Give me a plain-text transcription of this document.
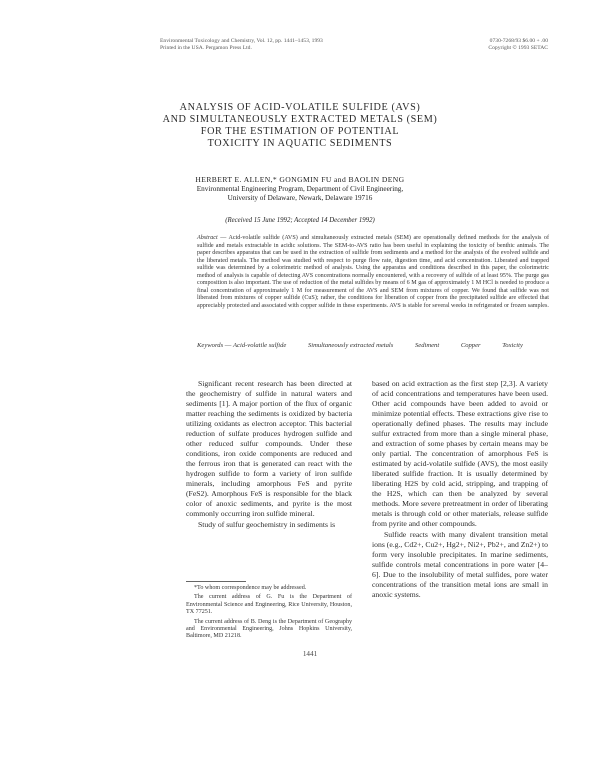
Environmental Toxicology and Chemistry, Vol. 12, pp. 1441–1453, 1993
Printed in the USA. Pergamon Press Ltd.
0730-7268/93 $6.00 + .00
Copyright © 1993 SETAC
ANALYSIS OF ACID-VOLATILE SULFIDE (AVS)
AND SIMULTANEOUSLY EXTRACTED METALS (SEM)
FOR THE ESTIMATION OF POTENTIAL
TOXICITY IN AQUATIC SEDIMENTS
HERBERT E. ALLEN,* GONGMIN FU and BAOLIN DENG
Environmental Engineering Program, Department of Civil Engineering,
University of Delaware, Newark, Delaware 19716
(Received 15 June 1992; Accepted 14 December 1992)
Abstract — Acid-volatile sulfide (AVS) and simultaneously extracted metals (SEM) are operationally defined methods for the analysis of sulfide and metals extractable in acidic solutions. The SEM-to-AVS ratio has been useful in explaining the toxicity of benthic animals. The paper describes apparatus that can be used in the extraction of sulfide from sediments and a method for the analysis of the evolved sulfide and the liberated metals. The method was studied with respect to purge flow rate, digestion time, and acid concentration. Liberated and trapped sulfide was determined by a colorimetric method of analysis. Using the apparatus and conditions described in this paper, the colorimetric method of analysis is capable of detecting AVS concentrations normally encountered, with a recovery of sulfide of at least 95%. The purge gas composition is also important. The use of reduction of the metal sulfides by means of 6 M gas of approximately 1 M HCl is needed to produce a final concentration of approximately 1 M for measurement of the AVS and SEM from mixtures of copper. We found that sulfide was not liberated from mixtures of copper sulfide (CuS); rather, the conditions for liberation of copper from the precipitated sulfide are effected that appreciably protected and associated with copper sulfide in these experiments. AVS is stable for several weeks in refrigerated or frozen samples.
Keywords — Acid-volatile sulfide	Simultaneously extracted metals	Sediment	Copper	Toxicity

Significant recent research has been directed at the geochemistry of sulfide in natural waters and sediments [1]. A major portion of the flux of organic matter reaching the sediments is oxidized by bacteria utilizing oxidants as electron acceptor. This bacterial reduction of sulfate produces hydrogen sulfide and other reduced sulfur compounds. Under these conditions, iron oxide components are reduced and the ferrous iron that is generated can react with the hydrogen sulfide to form a variety of iron sulfide minerals, including amorphous FeS and pyrite (FeS2). Amorphous FeS is responsible for the black color of anoxic sediments, and pyrite is the most commonly occurring iron sulfide mineral.

Study of sulfur geochemistry in sediments is

based on acid extraction as the first step [2,3]. A variety of acid concentrations and temperatures have been used. Other acid compounds have been added to avoid or minimize potential effects. These extractions give rise to operationally defined phases. The results may include sulfur extracted from more than a single mineral phase, and extraction of some phases by certain means may be only partial. The concentration of amorphous FeS is estimated by acid-volatile sulfide (AVS), the most easily liberated sulfide fraction. It is usually determined by liberating H2S by cold acid, stripping, and trapping of the H2S, which can then be analyzed by several methods. More severe pretreatment in order of liberating metals is through cold or other materials, release sulfide from pyrite and other compounds.

Sulfide reacts with many divalent transition metal ions (e.g., Cd2+, Cu2+, Hg2+, Ni2+, Pb2+, and Zn2+) to form very insoluble precipitates. In marine sediments, sulfide controls metal concentrations in pore water [4–6]. Due to the insolubility of metal sulfides, pore water concentrations of the transition metal ions are small in anoxic systems.

*To whom correspondence may be addressed.

The current address of G. Fu is the Department of Environmental Science and Engineering, Rice University, Houston, TX 77251.

The current address of B. Deng is the Department of Geography and Environmental Engineering, Johns Hopkins University, Baltimore, MD 21218.

1441
